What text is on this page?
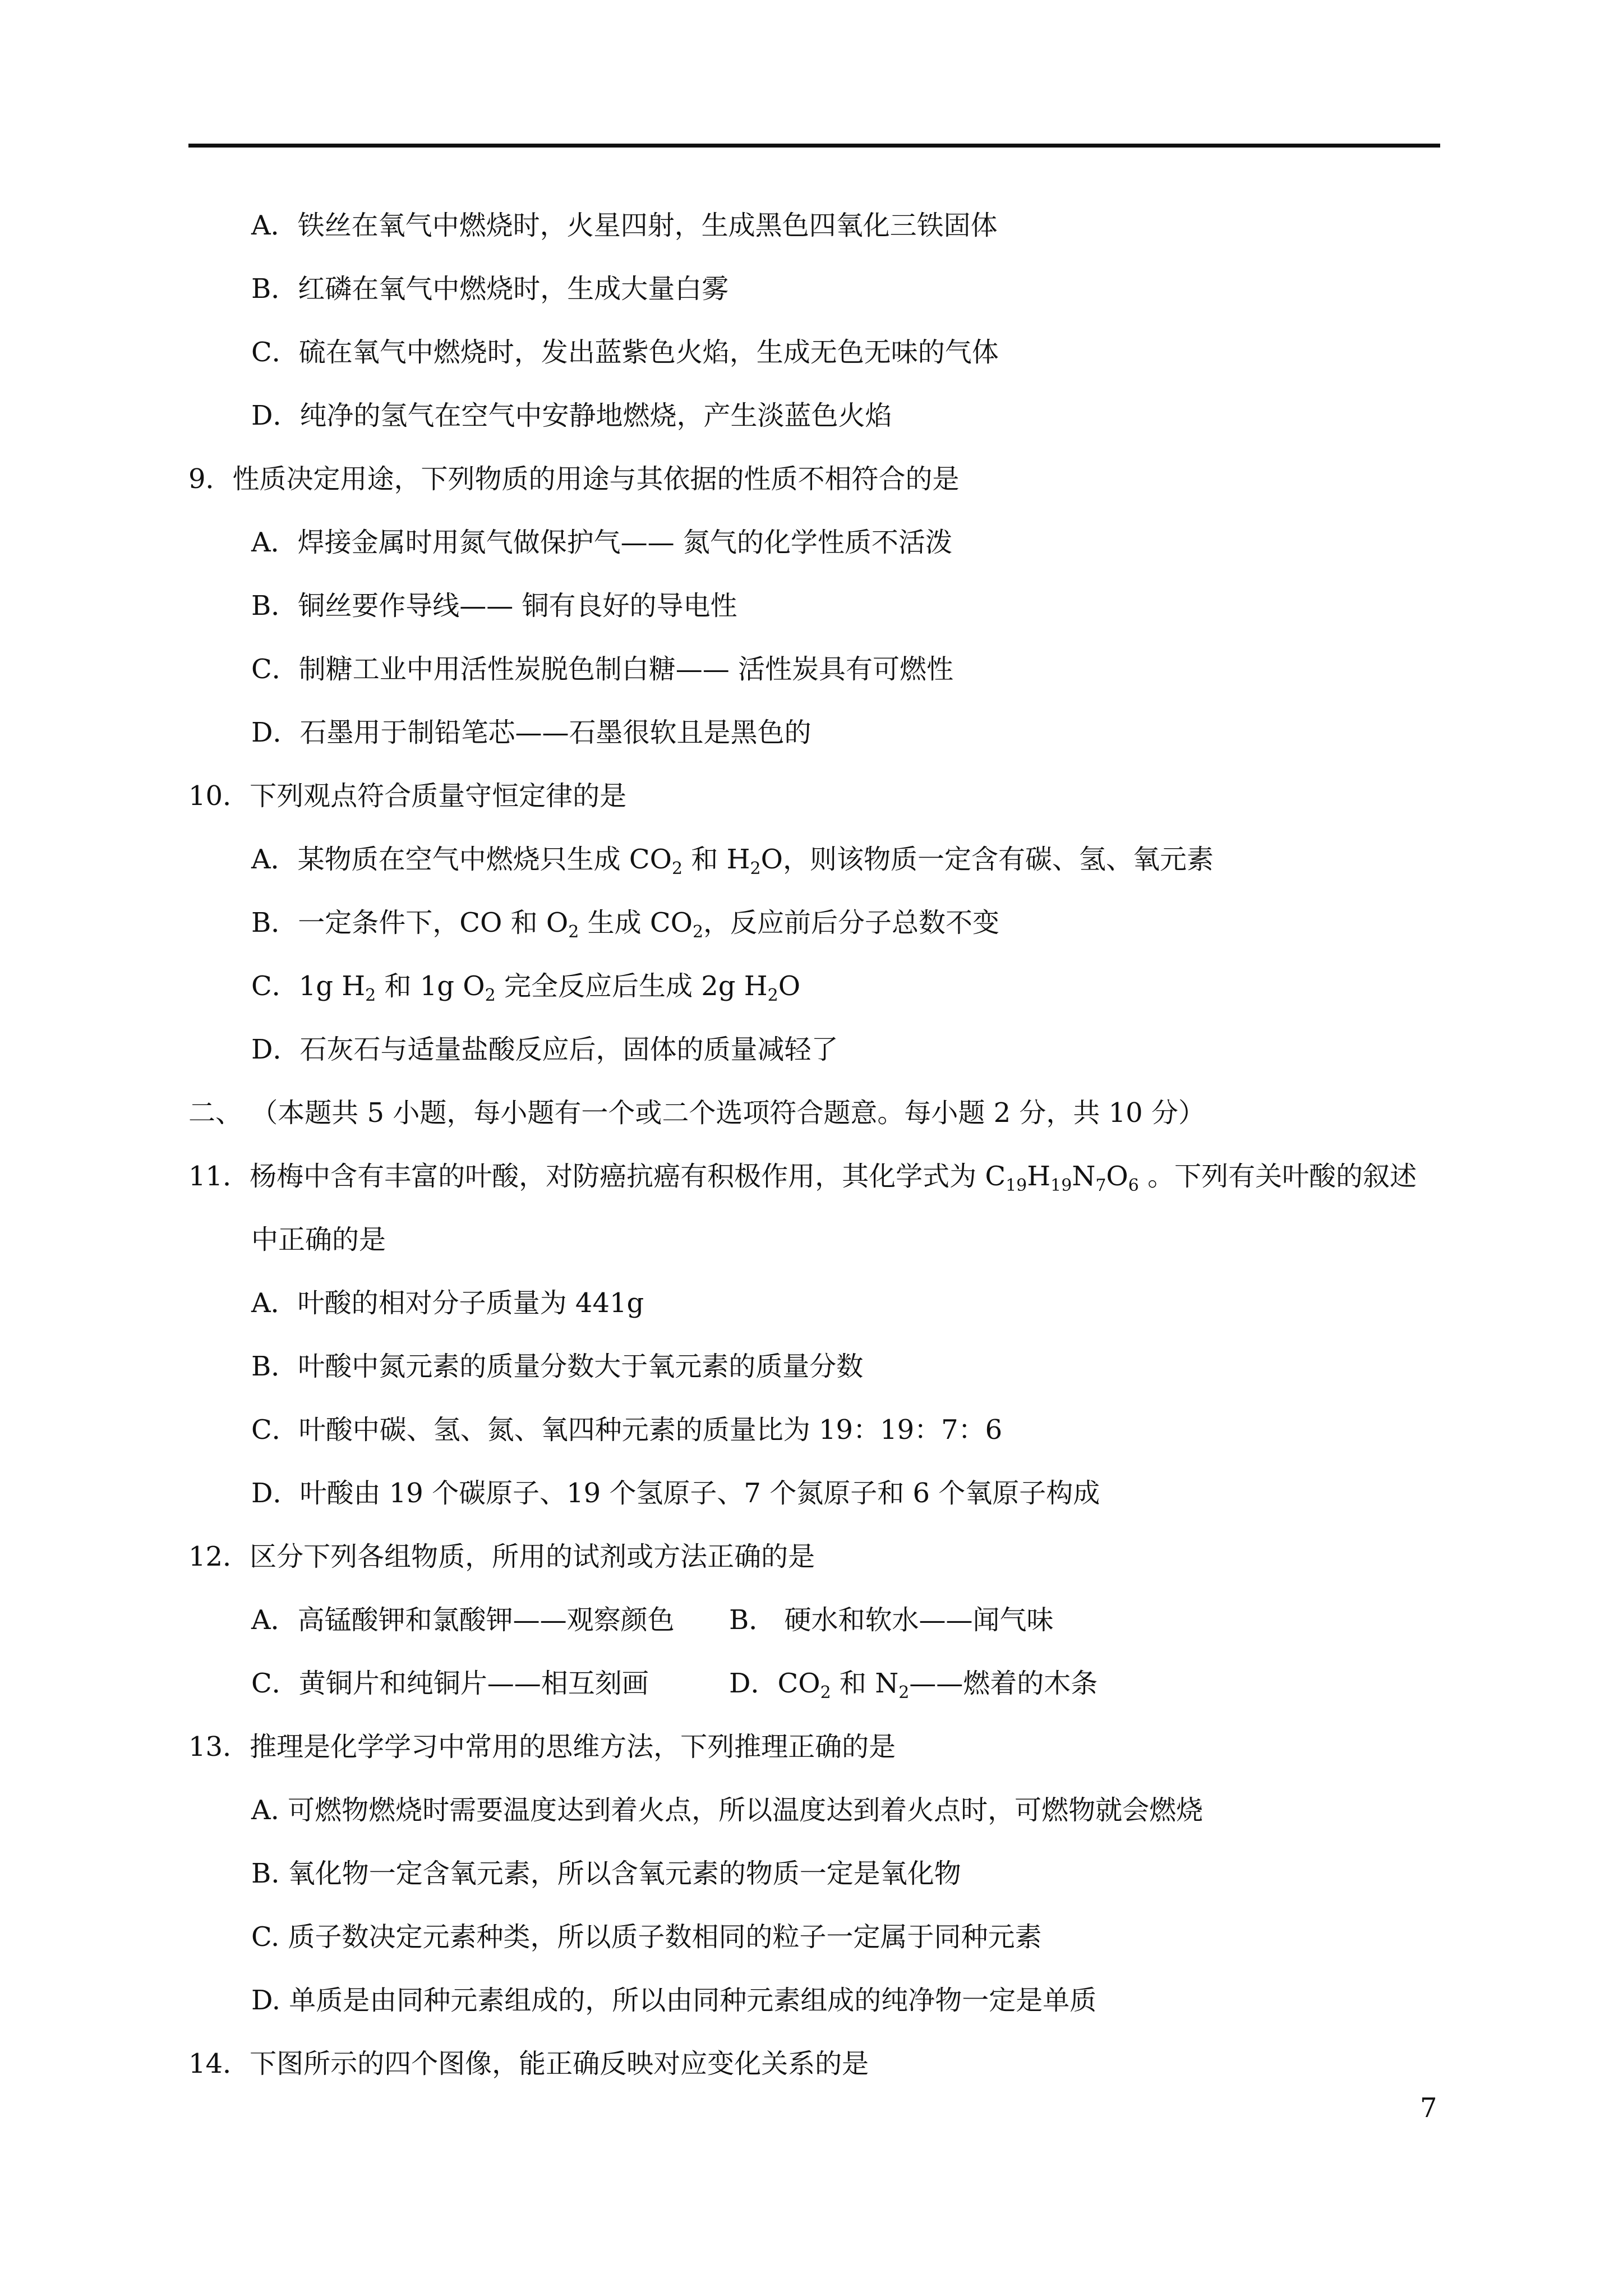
A．铁丝在氧气中燃烧时，火星四射，生成黑色四氧化三铁固体
B．红磷在氧气中燃烧时，生成大量白雾
C．硫在氧气中燃烧时，发出蓝紫色火焰，生成无色无味的气体
D．纯净的氢气在空气中安静地燃烧，产生淡蓝色火焰
9．性质决定用途，下列物质的用途与其依据的性质不相符合的是
A．焊接金属时用氮气做保护气—— 氮气的化学性质不活泼
B．铜丝要作导线—— 铜有良好的导电性
C．制糖工业中用活性炭脱色制白糖—— 活性炭具有可燃性
D．石墨用于制铅笔芯——石墨很软且是黑色的
10．下列观点符合质量守恒定律的是
A．某物质在空气中燃烧只生成 $CO_2$ 和 $H_2O$，则该物质一定含有碳、氢、氧元素
B．一定条件下，CO 和 $O_2$ 生成 $CO_2$，反应前后分子总数不变
C．1g $H_2$ 和 1g $O_2$ 完全反应后生成 2g $H_2O$
D．石灰石与适量盐酸反应后，固体的质量减轻了
二、 （本题共 5 小题，每小题有一个或二个选项符合题意。每小题 2 分，共 10 分）
11．杨梅中含有丰富的叶酸，对防癌抗癌有积极作用，其化学式为 $C_{19}H_{19}N_7O_6$ 。下列有关叶酸的叙述
中正确的是
A．叶酸的相对分子质量为 441g
B．叶酸中氮元素的质量分数大于氧元素的质量分数
C．叶酸中碳、氢、氮、氧四种元素的质量比为 19：19：7：6
D．叶酸由 19 个碳原子、19 个氢原子、7 个氮原子和 6 个氧原子构成
12．区分下列各组物质，所用的试剂或方法正确的是
A．高锰酸钾和氯酸钾——观察颜色 B． 硬水和软水——闻气味
C．黄铜片和纯铜片——相互刻画	D．$CO_2$ 和 $N_2——$燃着的木条
13．推理是化学学习中常用的思维方法，下列推理正确的是
A. 可燃物燃烧时需要温度达到着火点，所以温度达到着火点时，可燃物就会燃烧
B. 氧化物一定含氧元素，所以含氧元素的物质一定是氧化物
C. 质子数决定元素种类，所以质子数相同的粒子一定属于同种元素
D. 单质是由同种元素组成的，所以由同种元素组成的纯净物一定是单质
14．下图所示的四个图像，能正确反映对应变化关系的是
7
